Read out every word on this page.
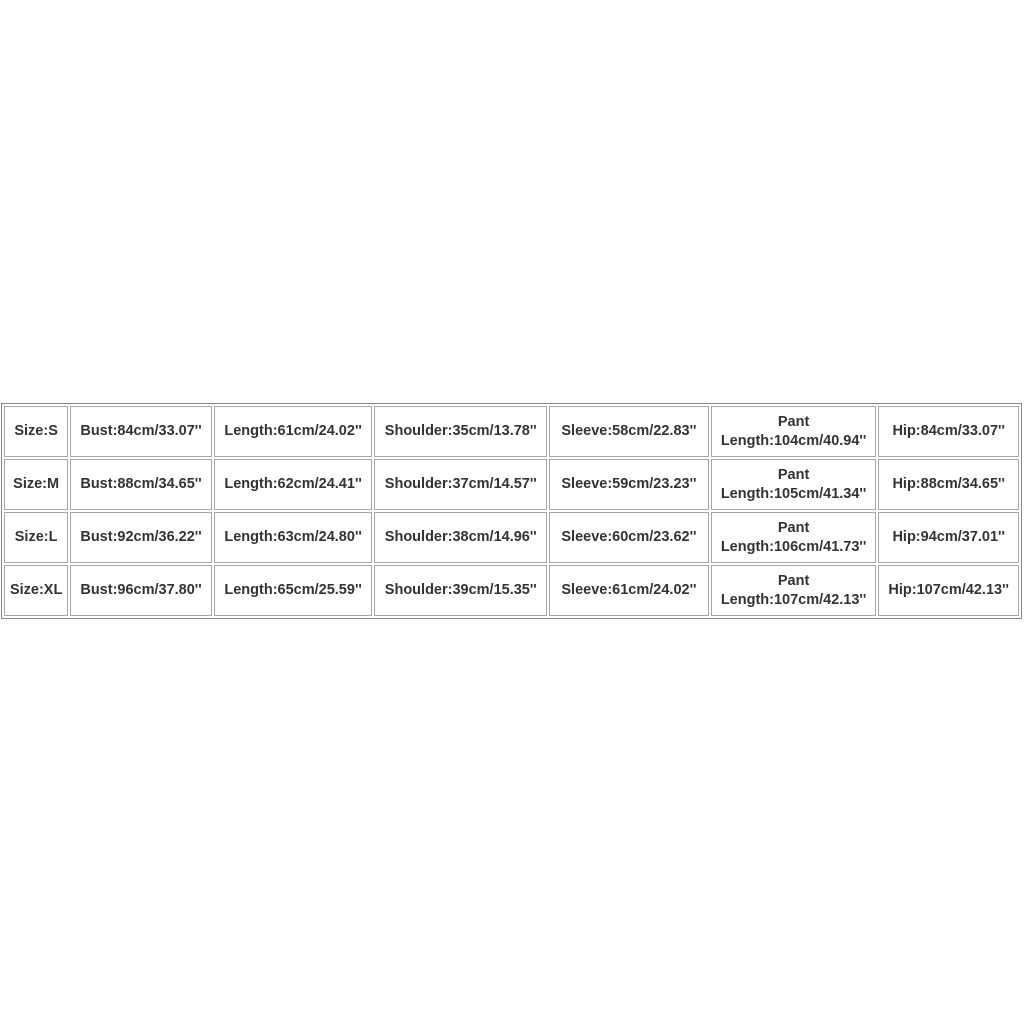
Size:S	Bust:84cm/33.07''	Length:61cm/24.02''	Shoulder:35cm/13.78''	Sleeve:58cm/22.83''	Pant Length:104cm/40.94''	Hip:84cm/33.07''
Size:M	Bust:88cm/34.65''	Length:62cm/24.41''	Shoulder:37cm/14.57''	Sleeve:59cm/23.23''	Pant Length:105cm/41.34''	Hip:88cm/34.65''
Size:L	Bust:92cm/36.22''	Length:63cm/24.80''	Shoulder:38cm/14.96''	Sleeve:60cm/23.62''	Pant Length:106cm/41.73''	Hip:94cm/37.01''
Size:XL	Bust:96cm/37.80''	Length:65cm/25.59''	Shoulder:39cm/15.35''	Sleeve:61cm/24.02''	Pant Length:107cm/42.13''	Hip:107cm/42.13''
